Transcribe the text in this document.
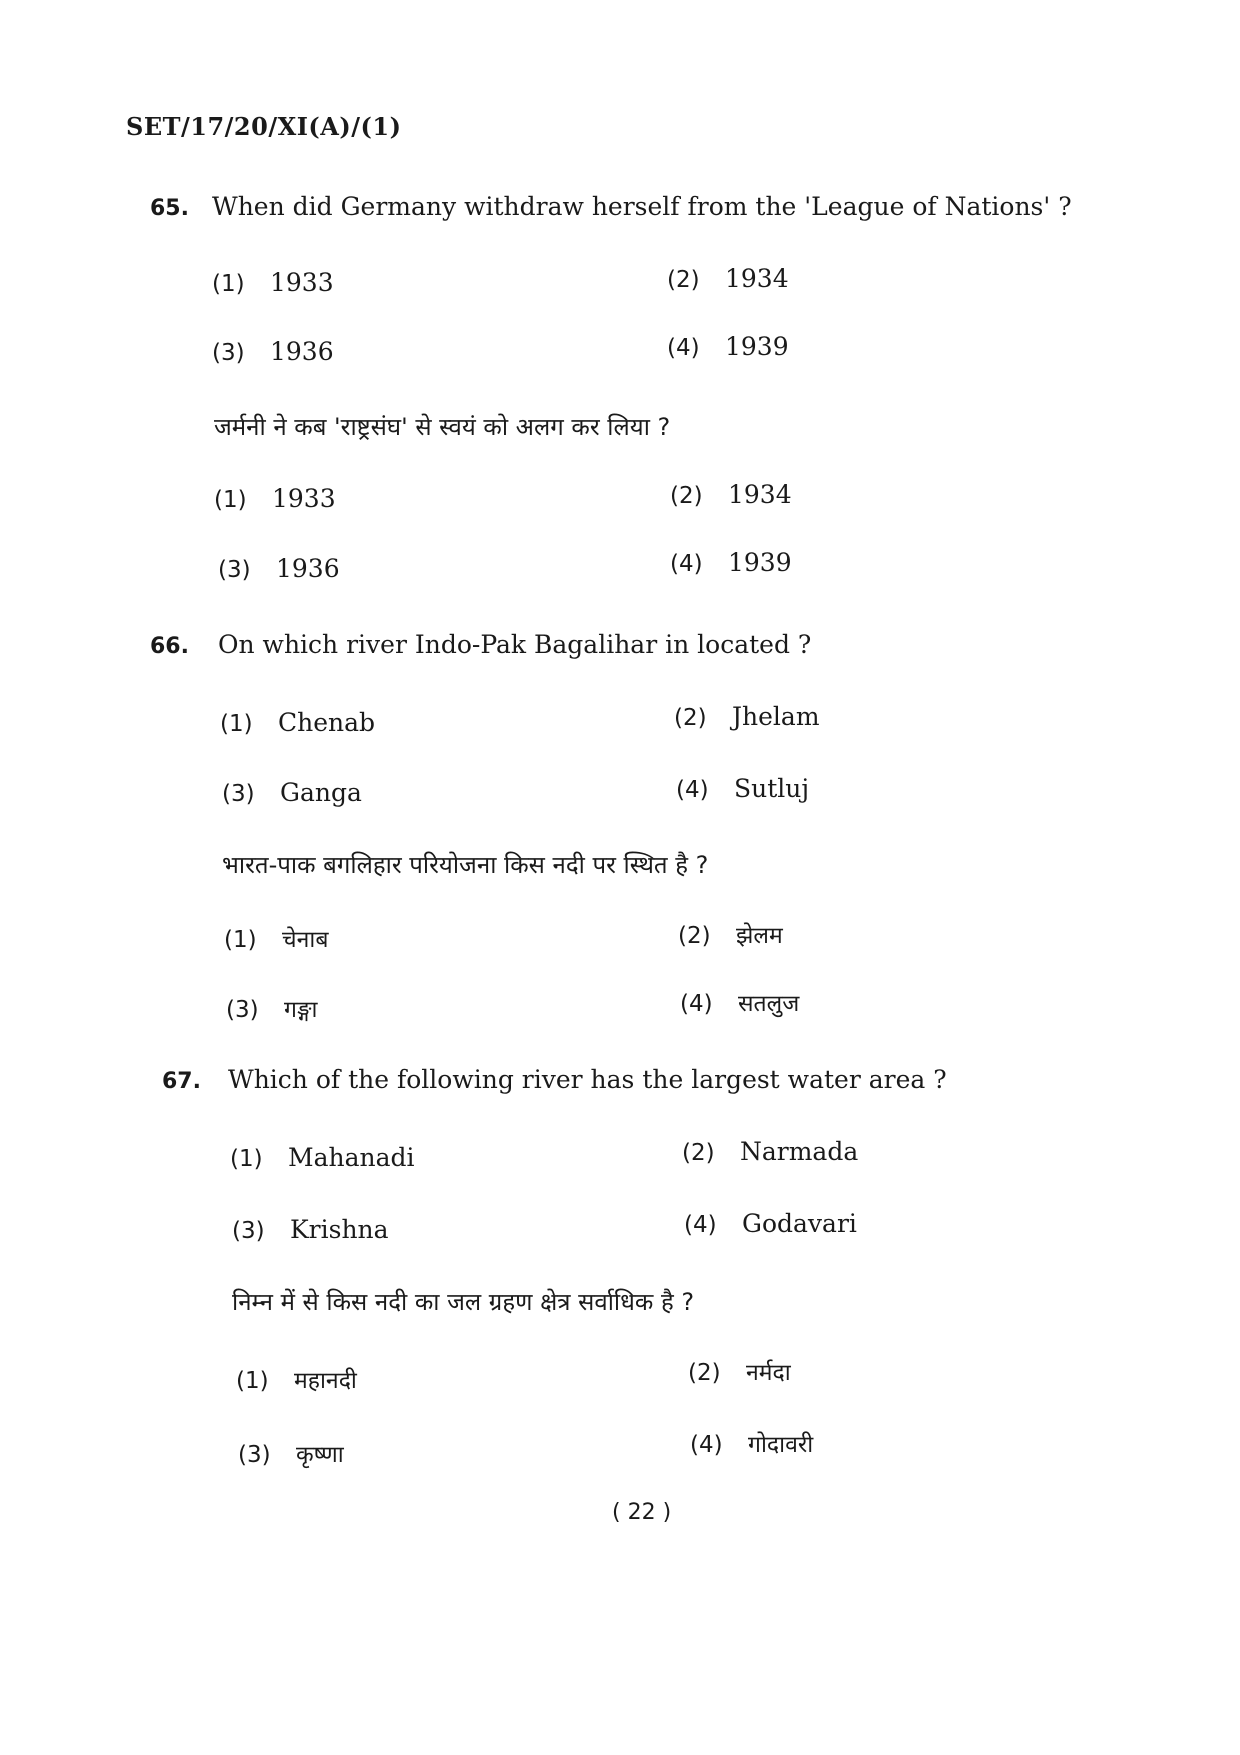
SET/17/20/XI(A)/(1)
65. When did Germany withdraw herself from the 'League of Nations' ?
(1) 1933	(2) 1934
(3) 1936	(4) 1939
जर्मनी ने कब 'राष्ट्रसंघ' से स्वयं को अलग कर लिया ?
(1) 1933	(2) 1934
(3) 1936	(4) 1939
66. On which river Indo-Pak Bagalihar in located ?
(1) Chenab	(2) Jhelam
(3) Ganga	(4) Sutluj
भारत-पाक बगलिहार परियोजना किस नदी पर स्थित है ?
(1) चेनाब	(2) झेलम
(3) गङ्गा	(4) सतलुज
67. Which of the following river has the largest water area ?
(1) Mahanadi	(2) Narmada
(3) Krishna	(4) Godavari
निम्न में से किस नदी का जल ग्रहण क्षेत्र सर्वाधिक है ?
(1) महानदी	(2) नर्मदा
(3) कृष्णा	(4) गोदावरी
( 22 )
